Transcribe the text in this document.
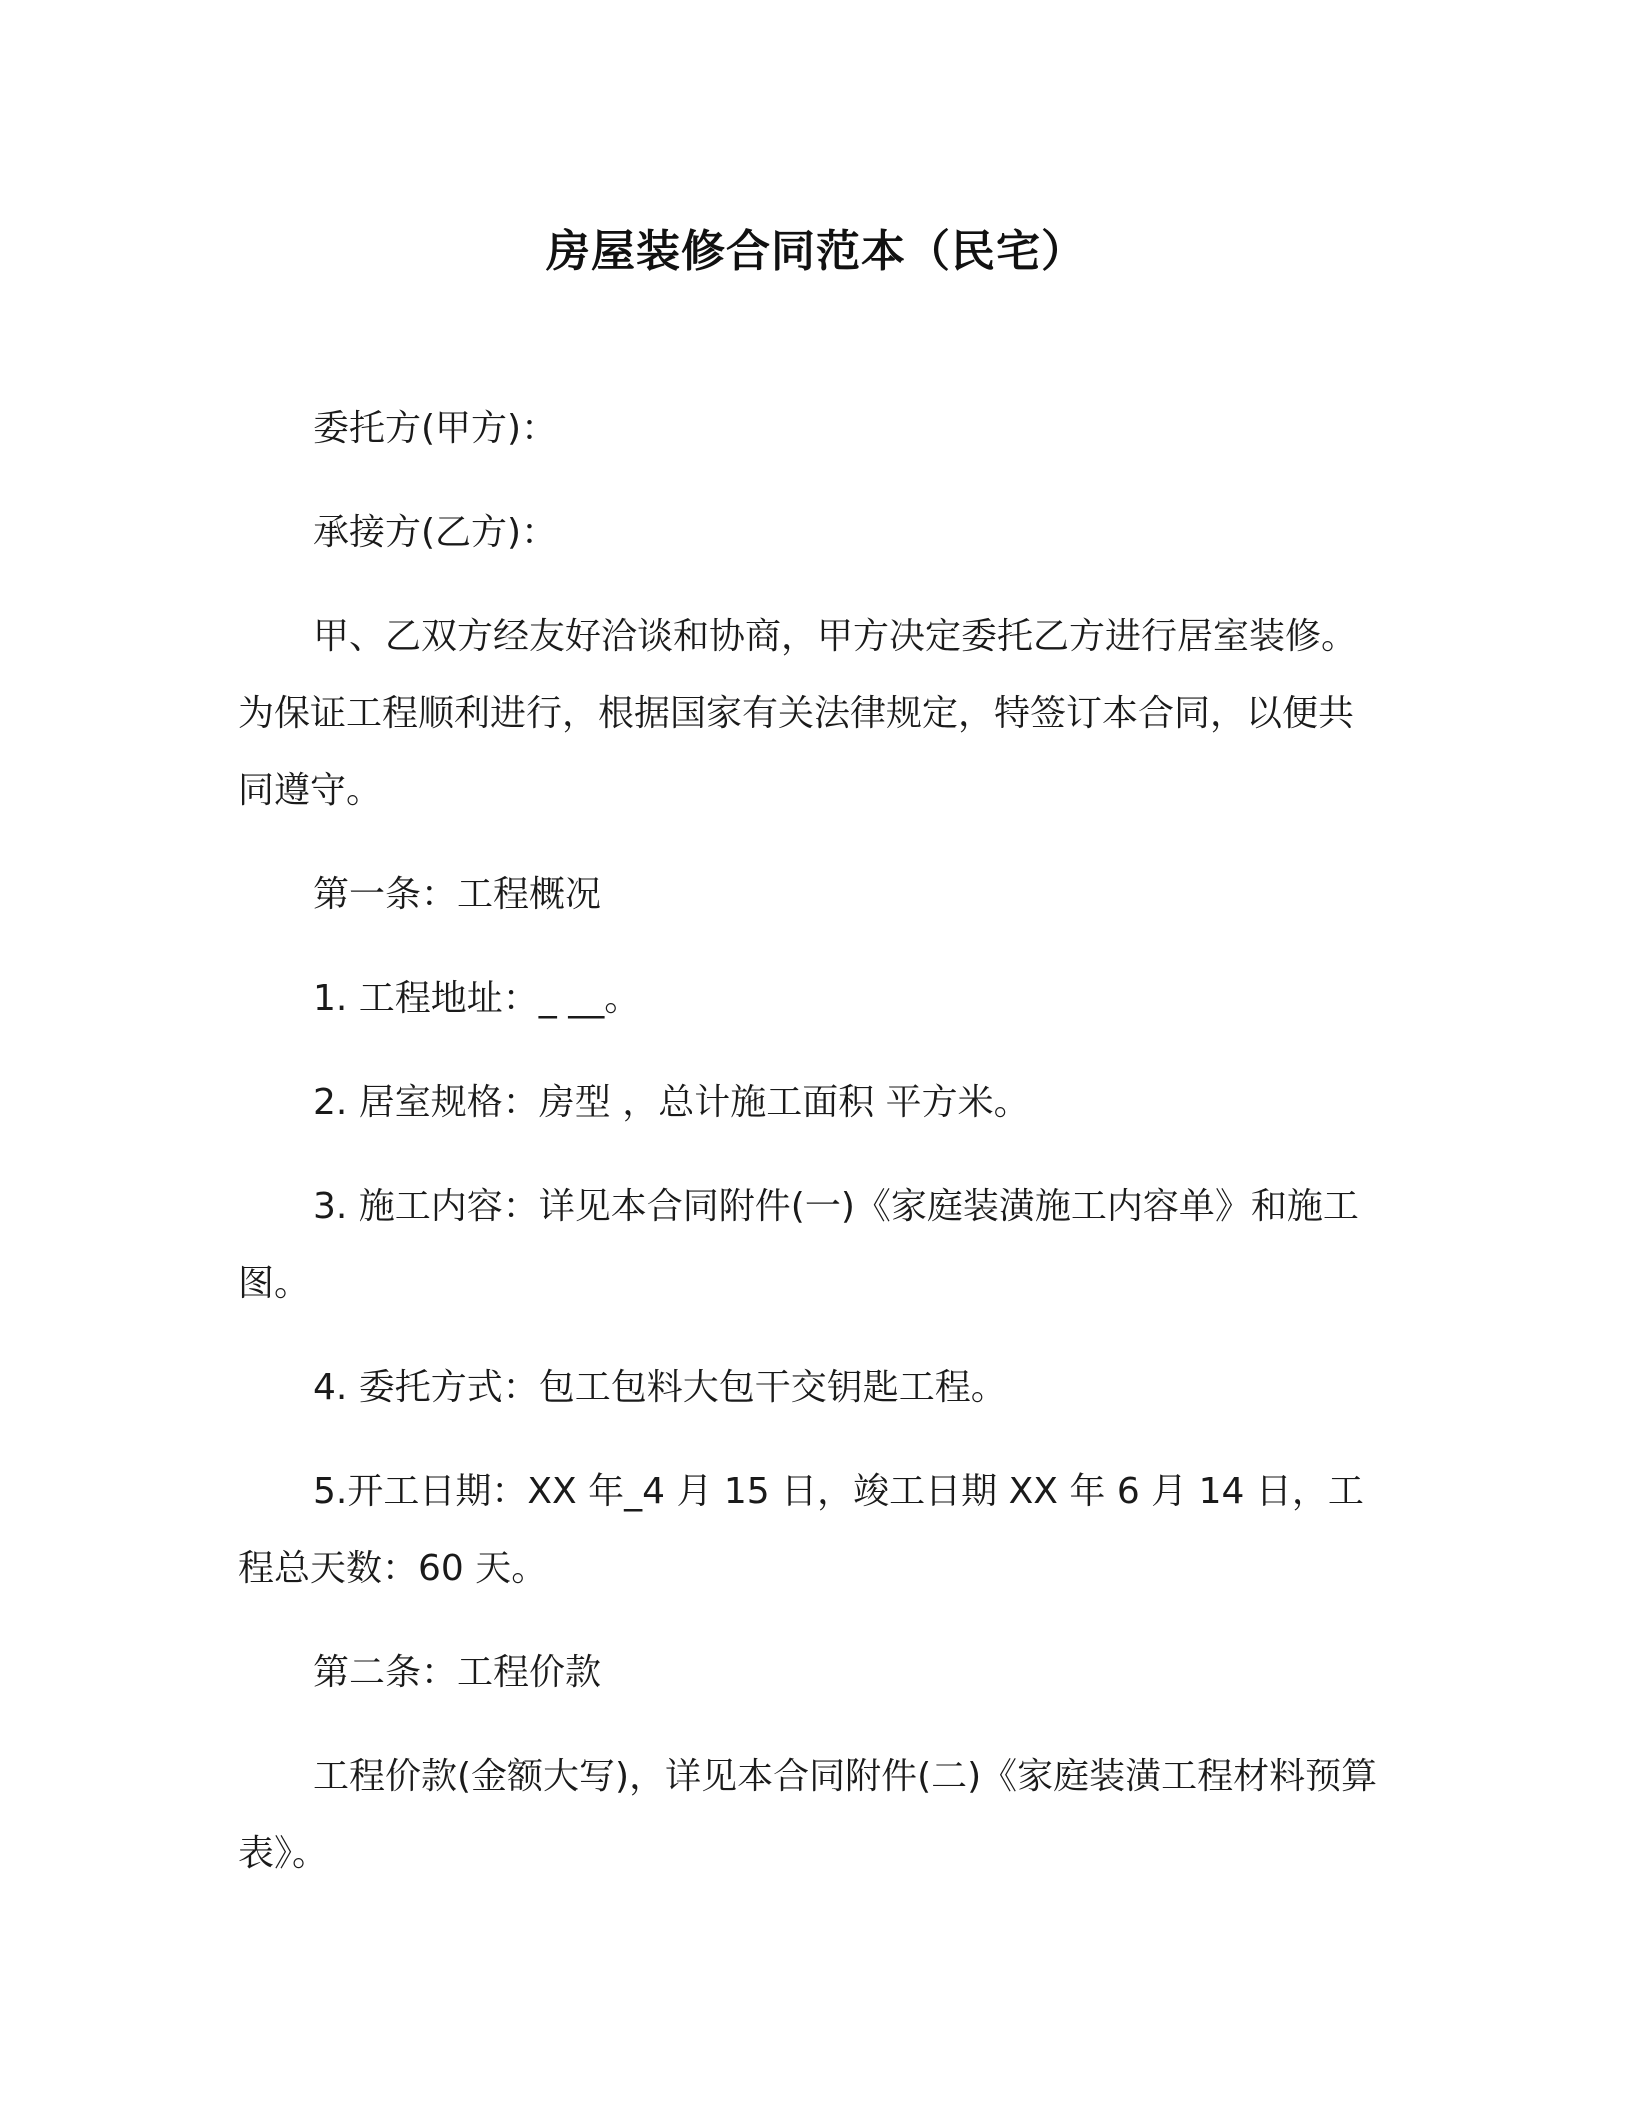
房屋装修合同范本（民宅）

委托方(甲方)：

承接方(乙方)：

甲、乙双方经友好洽谈和协商，甲方决定委托乙方进行居室装修。为保证工程顺利进行，根据国家有关法律规定，特签订本合同，以便共同遵守。

第一条：工程概况

1. 工程地址：_ __。

2. 居室规格：房型 ，总计施工面积 平方米。

3. 施工内容：详见本合同附件(一)《家庭装潢施工内容单》和施工图。

4. 委托方式：包工包料大包干交钥匙工程。

5.开工日期：XX 年_4 月 15 日，竣工日期 XX 年 6 月 14 日，工程总天数：60 天。

第二条：工程价款

工程价款(金额大写)，详见本合同附件(二)《家庭装潢工程材料预算表》。
